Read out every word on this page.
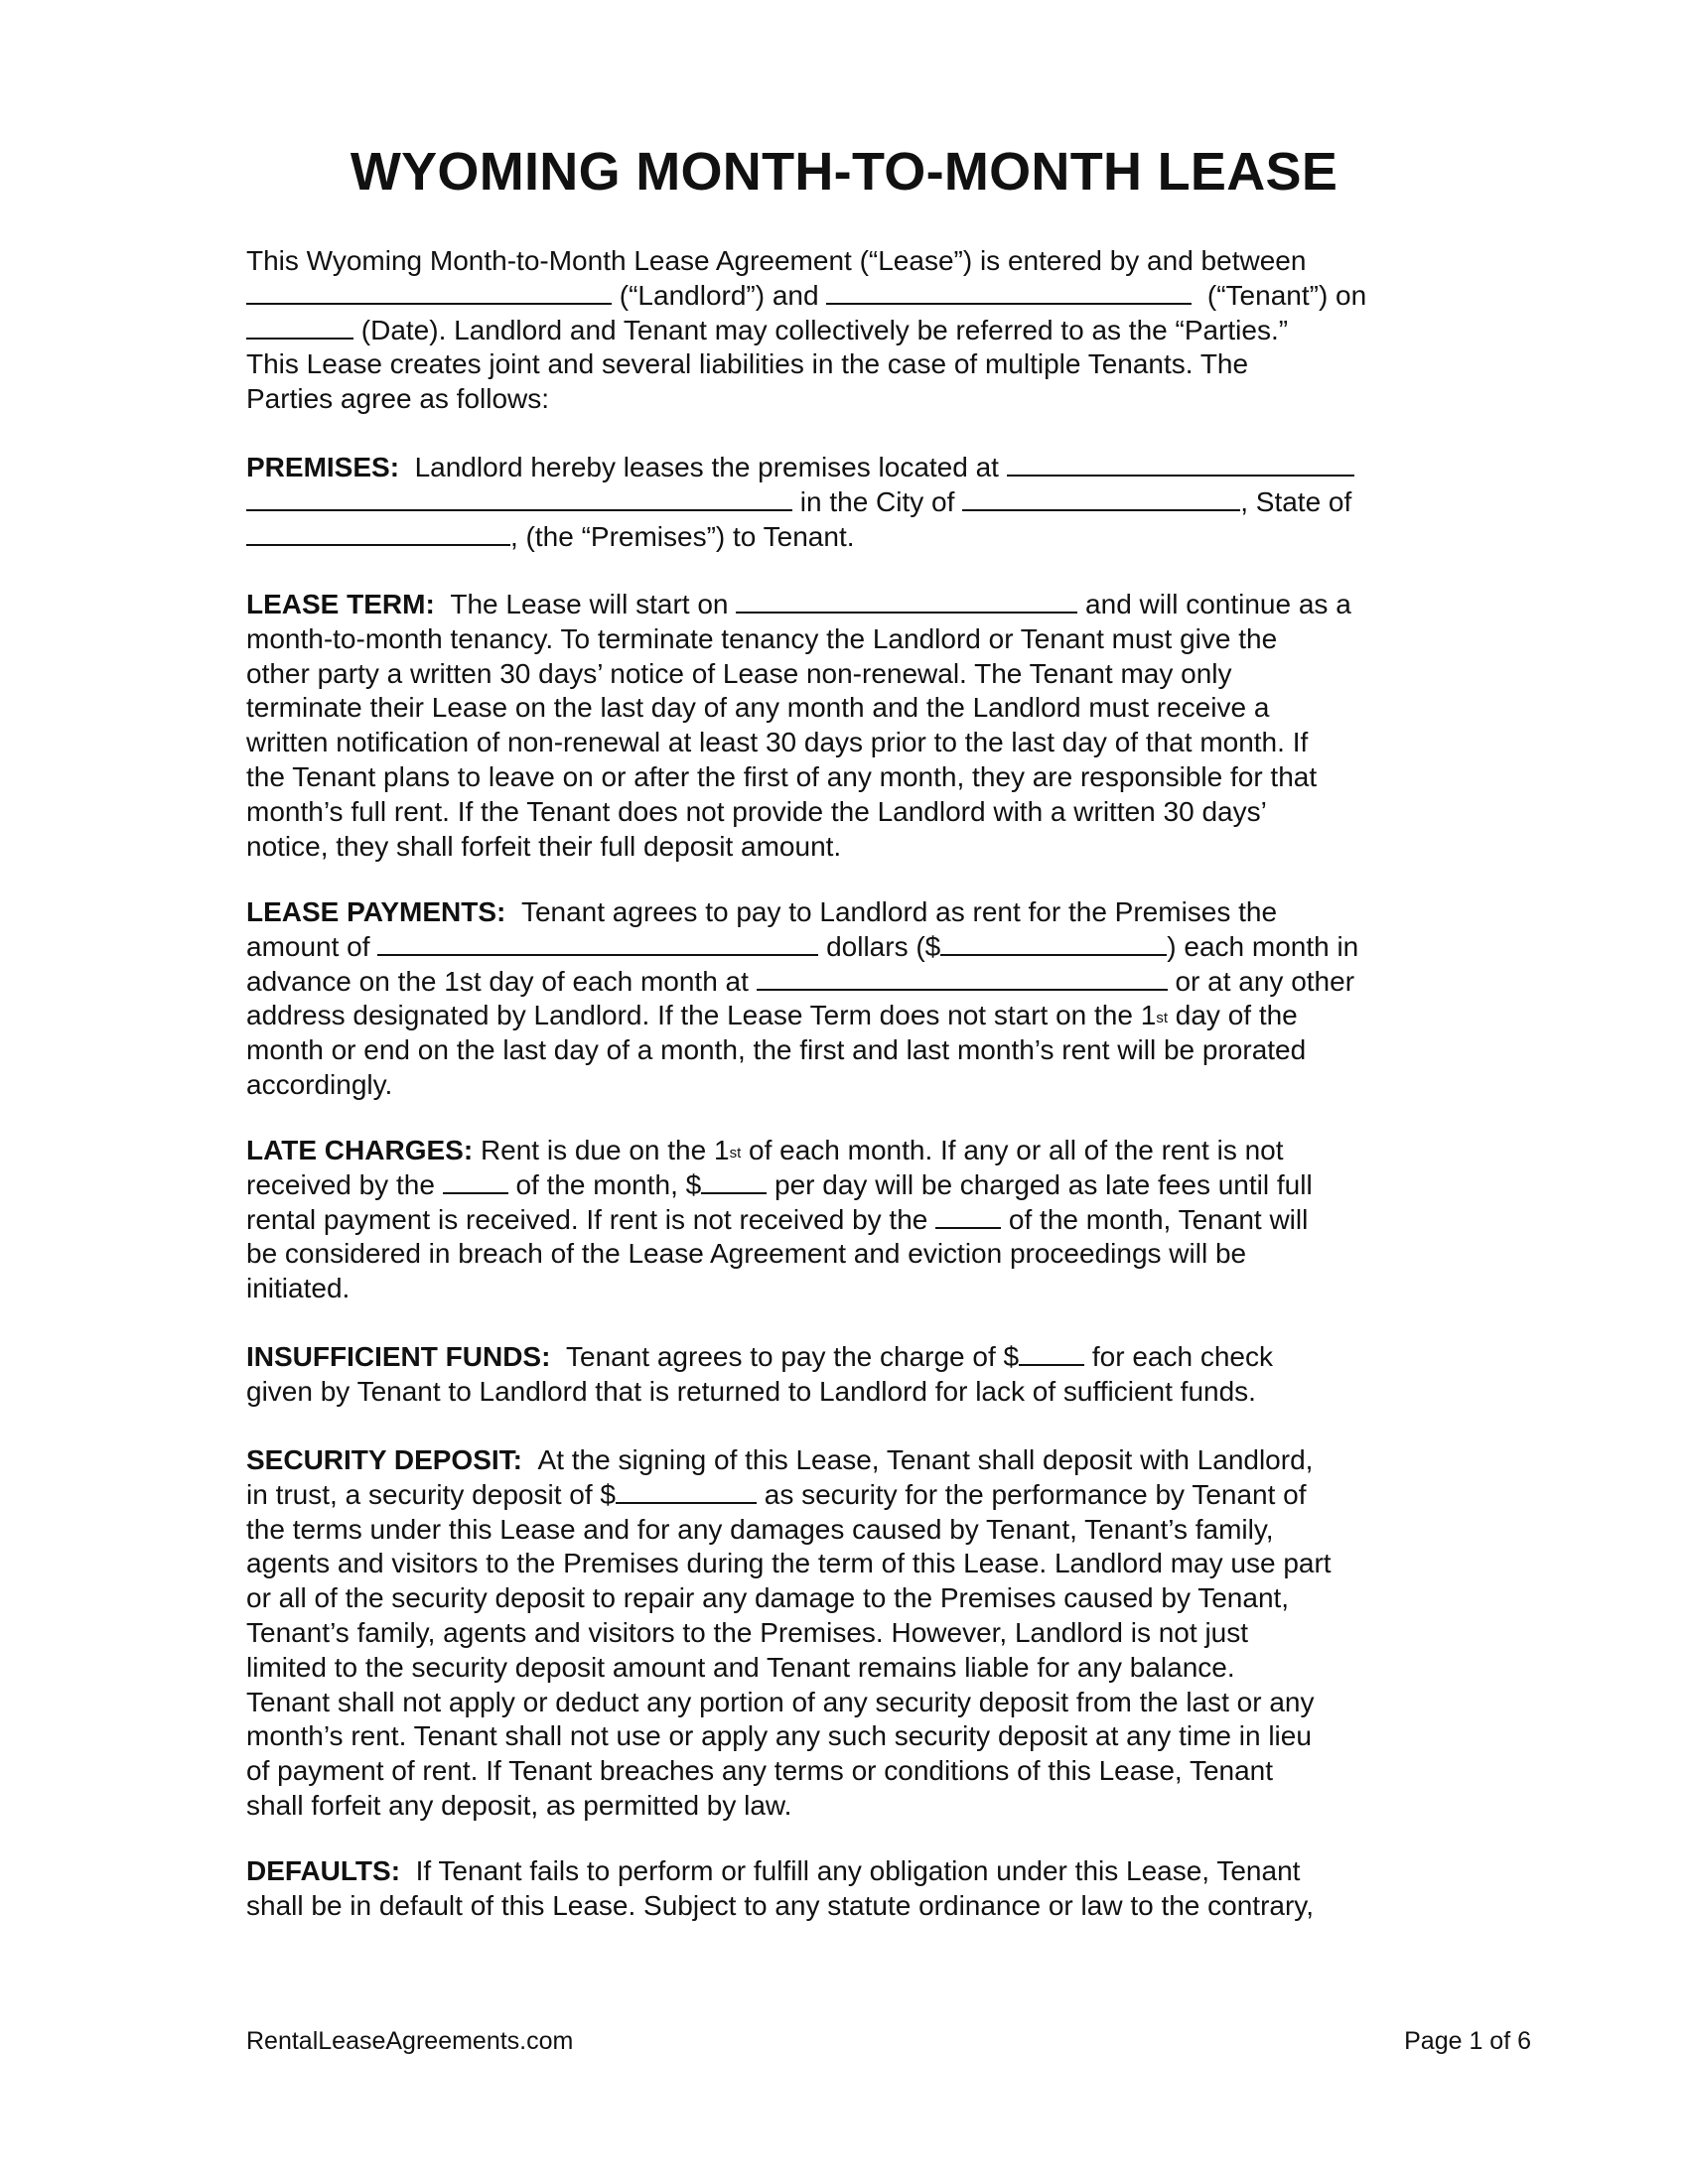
WYOMING MONTH-TO-MONTH LEASE
This Wyoming Month-to-Month Lease Agreement (“Lease”) is entered by and between
(“Landlord”) and	(“Tenant”) on
(Date). Landlord and Tenant may collectively be referred to as the “Parties.”
This Lease creates joint and several liabilities in the case of multiple Tenants. The
Parties agree as follows:
PREMISES: Landlord hereby leases the premises located at
in the City of	, State of
, (the “Premises”) to Tenant.
LEASE TERM: The Lease will start on	and will continue as a
month-to-month tenancy. To terminate tenancy the Landlord or Tenant must give the
other party a written 30 days’ notice of Lease non-renewal. The Tenant may only
terminate their Lease on the last day of any month and the Landlord must receive a
written notification of non-renewal at least 30 days prior to the last day of that month. If
the Tenant plans to leave on or after the first of any month, they are responsible for that
month’s full rent. If the Tenant does not provide the Landlord with a written 30 days’
notice, they shall forfeit their full deposit amount.
LEASE PAYMENTS: Tenant agrees to pay to Landlord as rent for the Premises the
amount of	dollars ($	) each month in
advance on the 1st day of each month at	or at any other
address designated by Landlord. If the Lease Term does not start on the 1st day of the
month or end on the last day of a month, the first and last month’s rent will be prorated
accordingly.
LATE CHARGES: Rent is due on the 1st of each month. If any or all of the rent is not
received by the	of the month, $	per day will be charged as late fees until full
rental payment is received. If rent is not received by the	of the month, Tenant will
be considered in breach of the Lease Agreement and eviction proceedings will be
initiated.
INSUFFICIENT FUNDS: Tenant agrees to pay the charge of $	for each check
given by Tenant to Landlord that is returned to Landlord for lack of sufficient funds.
SECURITY DEPOSIT: At the signing of this Lease, Tenant shall deposit with Landlord,
in trust, a security deposit of $	as security for the performance by Tenant of
the terms under this Lease and for any damages caused by Tenant, Tenant’s family,
agents and visitors to the Premises during the term of this Lease. Landlord may use part
or all of the security deposit to repair any damage to the Premises caused by Tenant,
Tenant’s family, agents and visitors to the Premises. However, Landlord is not just
limited to the security deposit amount and Tenant remains liable for any balance.
Tenant shall not apply or deduct any portion of any security deposit from the last or any
month’s rent. Tenant shall not use or apply any such security deposit at any time in lieu
of payment of rent. If Tenant breaches any terms or conditions of this Lease, Tenant
shall forfeit any deposit, as permitted by law.
DEFAULTS: If Tenant fails to perform or fulfill any obligation under this Lease, Tenant
shall be in default of this Lease. Subject to any statute ordinance or law to the contrary,
RentalLeaseAgreements.com	Page 1 of 6
